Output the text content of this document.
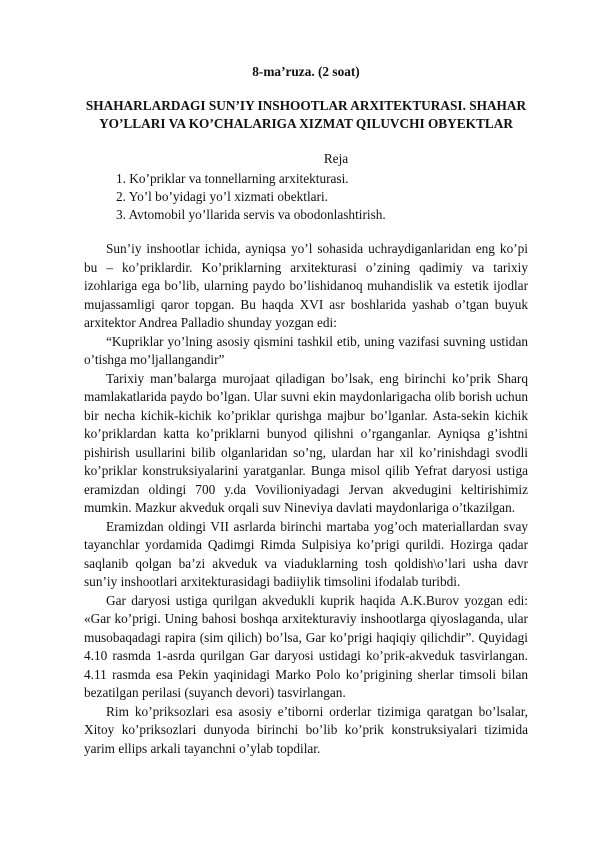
8-ma’ruza. (2 soat)
SHAHARLARDAGI SUN’IY INSHOOTLAR ARXITEKTURASI. SHAHAR YO’LLARI VA KO’CHALARIGA XIZMAT QILUVCHI OBYEKTLAR
Reja
1. Ko’priklar va tonnellarning arxitekturasi.
2. Yo’l bo’yidagi yo’l xizmati obektlari.
3. Avtomobil yo’llarida servis va obodonlashtirish.

Sun’iy inshootlar ichida, ayniqsa yo’l sohasida uchraydiganlaridan eng ko’pi bu – ko’priklardir. Ko’priklarning arxitekturasi o’zining qadimiy va tarixiy izohlariga ega bo’lib, ularning paydo bo’lishidanoq muhandislik va estetik ijodlar mujassamligi qaror topgan. Bu haqda XVI asr boshlarida yashab o’tgan buyuk arxitektor Andrea Palladio shunday yozgan edi:

“Kupriklar yo’lning asosiy qismini tashkil etib, uning vazifasi suvning ustidan o’tishga mo’ljallangandir”

Tarixiy man’balarga murojaat qiladigan bo’lsak, eng birinchi ko’prik Sharq mamlakatlarida paydo bo’lgan. Ular suvni ekin maydonlarigacha olib borish uchun bir necha kichik-kichik ko’priklar qurishga majbur bo’lganlar. Asta-sekin kichik ko’priklardan katta ko’priklarni bunyod qilishni o’rganganlar. Ayniqsa g’ishtni pishirish usullarini bilib olganlaridan so’ng, ulardan har xil ko’rinishdagi svodli ko’priklar konstruksiyalarini yaratganlar. Bunga misol qilib Yefrat daryosi ustiga eramizdan oldingi 700 y.da Vovilioniyadagi Jervan akvedugini keltirishimiz mumkin. Mazkur akveduk orqali suv Nineviya davlati maydonlariga o’tkazilgan.

Eramizdan oldingi VII asrlarda birinchi martaba yog’och materiallardan svay tayanchlar yordamida Qadimgi Rimda Sulpisiya ko’prigi qurildi. Hozirga qadar saqlanib qolgan ba’zi akveduk va viaduklarning tosh qoldish\o’lari usha davr sun’iy inshootlari arxitekturasidagi badiiylik timsolini ifodalab turibdi.

Gar daryosi ustiga qurilgan akvedukli kuprik haqida A.K.Burov yozgan edi: «Gar ko’prigi. Uning bahosi boshqa arxitekturaviy inshootlarga qiyoslaganda, ular musobaqadagi rapira (sim qilich) bo’lsa, Gar ko’prigi haqiqiy qilichdir”. Quyidagi 4.10 rasmda 1-asrda qurilgan Gar daryosi ustidagi ko’prik-akveduk tasvirlangan. 4.11 rasmda esa Pekin yaqinidagi Marko Polo ko’prigining sherlar timsoli bilan bezatilgan perilasi (suyanch devori) tasvirlangan.

Rim ko’priksozlari esa asosiy e’tiborni orderlar tizimiga qaratgan bo’lsalar, Xitoy ko’priksozlari dunyoda birinchi bo’lib ko’prik konstruksiyalari tizimida yarim ellips arkali tayanchni o’ylab topdilar.
